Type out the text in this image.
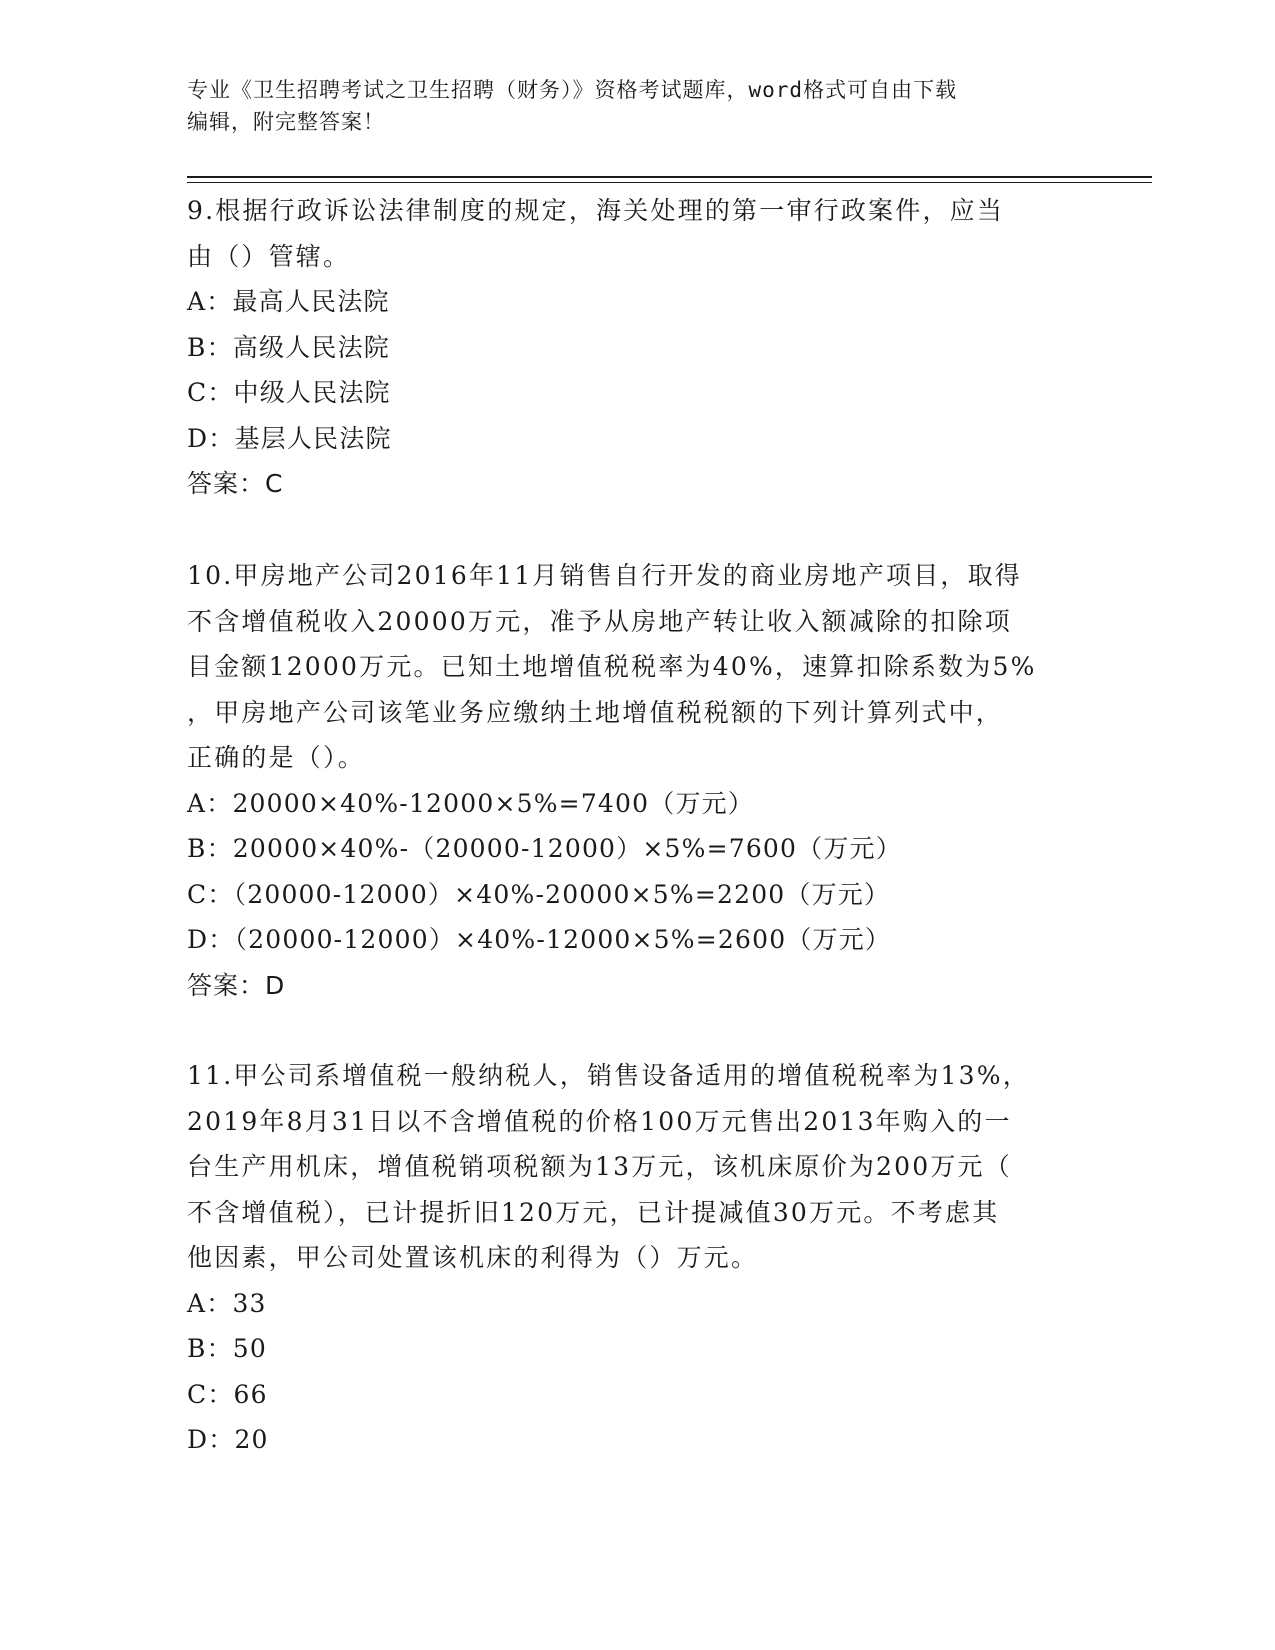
专业《卫生招聘考试之卫生招聘（财务）》资格考试题库，word格式可自由下载

编辑，附完整答案！

9.根据行政诉讼法律制度的规定，海关处理的第一审行政案件，应当

由（）管辖。

A：最高人民法院

B：高级人民法院

C：中级人民法院

D：基层人民法院

答案：C

10.甲房地产公司2016年11月销售自行开发的商业房地产项目，取得

不含增值税收入20000万元，准予从房地产转让收入额减除的扣除项

目金额12000万元。已知土地增值税税率为40%，速算扣除系数为5%

，甲房地产公司该笔业务应缴纳土地增值税税额的下列计算列式中，

正确的是（）。

A：20000×40%-12000×5%=7400（万元）

B：20000×40%-（20000-12000）×5%=7600（万元）

C：（20000-12000）×40%-20000×5%=2200（万元）

D：（20000-12000）×40%-12000×5%=2600（万元）

答案：D

11.甲公司系增值税一般纳税人，销售设备适用的增值税税率为13%，

2019年8月31日以不含增值税的价格100万元售出2013年购入的一

台生产用机床，增值税销项税额为13万元，该机床原价为200万元（

不含增值税），已计提折旧120万元，已计提减值30万元。不考虑其

他因素，甲公司处置该机床的利得为（）万元。

A：33

B：50

C：66

D：20
